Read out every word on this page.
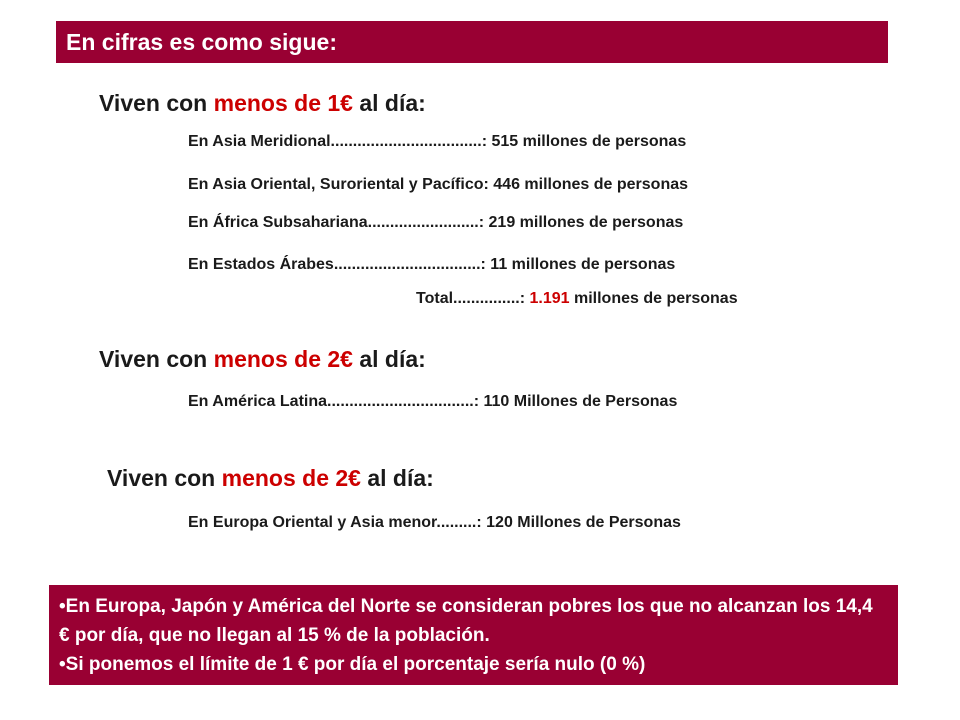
En cifras es como sigue:
Viven con menos de 1€ al día:
En Asia Meridional..................................: 515 millones de personas
En Asia Oriental, Suroriental y Pacífico: 446 millones de personas
En África Subsahariana.........................: 219 millones de personas
En Estados Árabes.................................: 11 millones de personas
Total...............: 1.191 millones de personas
Viven con menos de 2€ al día:
En América Latina.................................: 110 Millones de Personas
Viven con menos de 2€ al día:
En Europa Oriental y Asia menor.........: 120 Millones de Personas
• En Europa, Japón y América del Norte se consideran pobres los que no alcanzan los 14,4 € por día, que no llegan al 15 % de la población.
• Si ponemos el límite de 1 € por día el porcentaje sería nulo (0 %)
